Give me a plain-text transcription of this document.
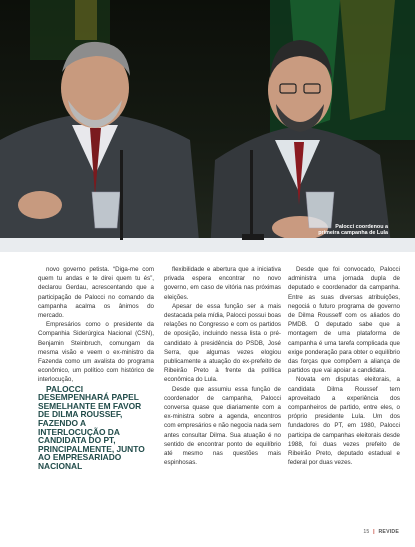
Palocci coordenou a
primeira campanha de Lula

novo governo petista. “Diga-me com quem tu andas e te direi quem tu és”, declarou Gerdau, acrescentando que a participação de Palocci no comando da campanha acalma os ânimos do mercado.

Empresários como o presidente da Companhia Siderúrgica Nacional (CSN), Benjamin Steinbruch, comungam da mesma visão e veem o ex-ministro da Fazenda como um avalista do programa econômico, um político com histórico de interlocução,

PALOCCI DESEMPENHARÁ PAPEL SEMELHANTE EM FAVOR DE DILMA ROUSSEF, FAZENDO A INTERLOCUÇÃO DA CANDIDATA DO PT, PRINCIPALMENTE, JUNTO AO EMPRESARIADO NACIONAL

flexibilidade e abertura que a iniciativa privada espera encontrar no novo governo, em caso de vitória nas próximas eleições.

Apesar de essa função ser a mais destacada pela mídia, Palocci possui boas relações no Congresso e com os partidos de oposição, incluindo nessa lista o pré-candidato à presidência do PSDB, José Serra, que algumas vezes elogiou publicamente a atuação do ex-prefeito de Ribeirão Preto à frente da política econômica do Lula.

Desde que assumiu essa função de coordenador de campanha, Palocci conversa quase que diariamente com a ex-ministra sobre a agenda, encontros com empresários e não negocia nada sem antes consultar Dilma. Sua atuação é no sentido de encontrar ponto de equilíbrio até mesmo nas questões mais espinhosas.

Desde que foi convocado, Palocci administra uma jornada dupla de deputado e coordenador da campanha. Entre as suas diversas atribuições, negociá o futuro programa de governo de Dilma Rousseff com os aliados do PMDB. O deputado sabe que a montagem de uma plataforma de campanha é uma tarefa complicada que exige ponderação para obter o equilíbrio das forças que compõem a aliança de partidos que vai apoiar a candidata.

Novata em disputas eleitorais, a candidata Dilma Roussef tem aproveitado a experiência dos companheiros de partido, entre eles, o próprio presidente Lula. Um dos fundadores do PT, em 1980, Palocci participa de campanhas eleitorais desde 1988, foi duas vezes prefeito de Ribeirão Preto, deputado estadual e federal por duas vezes.

15 | REVIDE
